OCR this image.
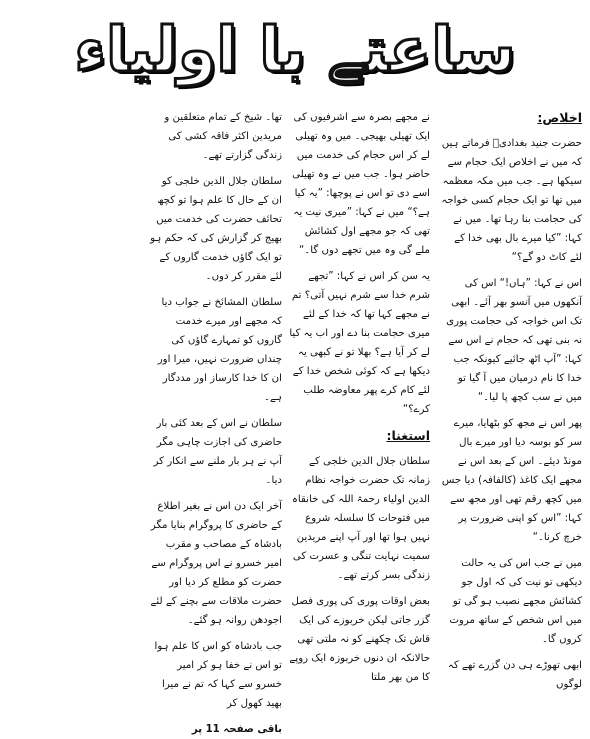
ساعتے با اولیاء
اخلاص:
حضرت جنید بغدادیؒ فرماتے ہیں کہ میں نے اخلاص ایک حجام سے سیکھا ہے۔ جب میں مکہ معظمہ میں تھا تو ایک حجام کسی خواجہ کی حجامت بنا رہا تھا۔ میں نے کہا: ”کیا میرے بال بھی خدا کے لئے کاٹ دو گے؟“
اس نے کہا: ”ہاں!“ اس کی آنکھوں میں آنسو بھر آئے۔ ابھی تک اس خواجہ کی حجامت پوری نہ بنی تھی کہ حجام نے اس سے کہا: ”آپ اٹھ جائیے کیونکہ جب خدا کا نام درمیان میں آ گیا تو میں نے سب کچھ پا لیا۔“
پھر اس نے مجھ کو بٹھایا، میرے سر کو بوسہ دیا اور میرے بال مونڈ دیئے۔ اس کے بعد اس نے مجھے ایک کاغذ (کالفافہ) دیا جس میں کچھ رقم تھی اور مجھ سے کہا: ”اس کو اپنی ضرورت پر خرچ کرنا۔“
میں نے جب اس کی یہ حالت دیکھی تو نیت کی کہ اول جو کشائش مجھے نصیب ہو گی تو میں اس شخص کے ساتھ مروت کروں گا۔
ابھی تھوڑے ہی دن گزرے تھے کہ لوگوں
نے مجھے بصرہ سے اشرفیوں کی ایک تھیلی بھیجی۔ میں وہ تھیلی لے کر اس حجام کی خدمت میں حاضر ہوا۔ جب میں نے وہ تھیلی اسے دی تو اس نے پوچھا: ”یہ کیا ہے؟“ میں نے کہا: ”میری نیت یہ تھی کہ جو مجھے اول کشائش ملے گی وہ میں تجھے دوں گا۔“
یہ سن کر اس نے کہا: ”تجھے شرم خدا سے شرم نہیں آتی؟ تم نے مجھے کہا تھا کہ خدا کے لئے میری حجامت بنا دے اور اب یہ کیا لے کر آیا ہے؟ بھلا تو نے کبھی یہ دیکھا ہے کہ کوئی شخص خدا کے لئے کام کرے پھر معاوضہ طلب کرے؟“
استغنا:
سلطان جلال الدین خلجی کے زمانہ تک حضرت خواجہ نظام الدین اولیاء رحمۃ اللہ کی خانقاہ میں فتوحات کا سلسلہ شروع نہیں ہوا تھا اور آپ اپنے مریدین سمیت نہایت تنگی و عسرت کی زندگی بسر کرتے تھے۔
بعض اوقات پوری کی پوری فصل گزر جاتی لیکن خربوزے کی ایک قاش تک چکھنے کو نہ ملتی تھی حالانکہ ان دنوں خربوزہ ایک روپے کا من بھر ملتا
تھا۔ شیخ کے تمام متعلقین و مریدین اکثر فاقہ کشی کی زندگی گزارتے تھے۔
سلطان جلال الدین خلجی کو ان کے حال کا علم ہوا تو کچھ تحائف حضرت کی خدمت میں بھیج کر گزارش کی کہ حکم ہو تو ایک گاؤں خدمت گاروں کے لئے مقرر کر دوں۔
سلطان المشائخ نے جواب دیا کہ مجھے اور میرے خدمت گاروں کو تمہارے گاؤں کی چنداں ضرورت نہیں، میرا اور ان کا خدا کارساز اور مددگار ہے۔
سلطان نے اس کے بعد کئی بار حاضری کی اجازت چاہی مگر آپ نے ہر بار ملنے سے انکار کر دیا۔
آخر ایک دن اس نے بغیر اطلاع کے حاضری کا پروگرام بنایا مگر بادشاہ کے مصاحب و مقرب امیر خسرو نے اس پروگرام سے حضرت کو مطلع کر دیا اور حضرت ملاقات سے بچنے کے لئے اجودھن روانہ ہو گئے۔
جب بادشاہ کو اس کا علم ہوا تو اس نے خفا ہو کر امیر خسرو سے کہا کہ تم نے میرا بھید کھول کر
باقی صفحہ 11 پر
